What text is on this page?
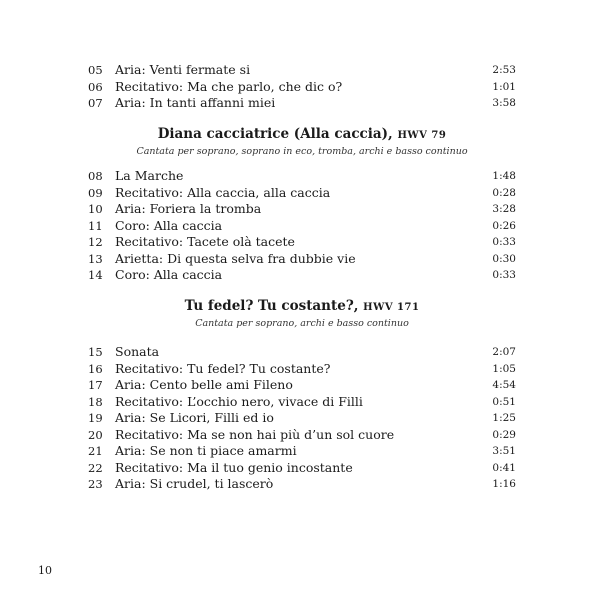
05 Aria: Venti fermate si	2:53
06 Recitativo: Ma che parlo, che dic o?	1:01
07 Aria: In tanti affanni miei	3:58
Diana cacciatrice (Alla caccia), HWV 79
Cantata per soprano, soprano in eco, tromba, archi e basso continuo
08 La Marche	1:48
09 Recitativo: Alla caccia, alla caccia	0:28
10 Aria: Foriera la tromba	3:28
11 Coro: Alla caccia	0:26
12 Recitativo: Tacete olà tacete	0:33
13 Arietta: Di questa selva fra dubbie vie	0:30
14 Coro: Alla caccia	0:33
Tu fedel? Tu costante?, HWV 171
Cantata per soprano, archi e basso continuo
15 Sonata	2:07
16 Recitativo: Tu fedel? Tu costante?	1:05
17 Aria: Cento belle ami Fileno	4:54
18 Recitativo: L’occhio nero, vivace di Filli	0:51
19 Aria: Se Licori, Filli ed io	1:25
20 Recitativo: Ma se non hai più d’un sol cuore	0:29
21 Aria: Se non ti piace amarmi	3:51
22 Recitativo: Ma il tuo genio incostante	0:41
23 Aria: Si crudel, ti lascerò	1:16
10
